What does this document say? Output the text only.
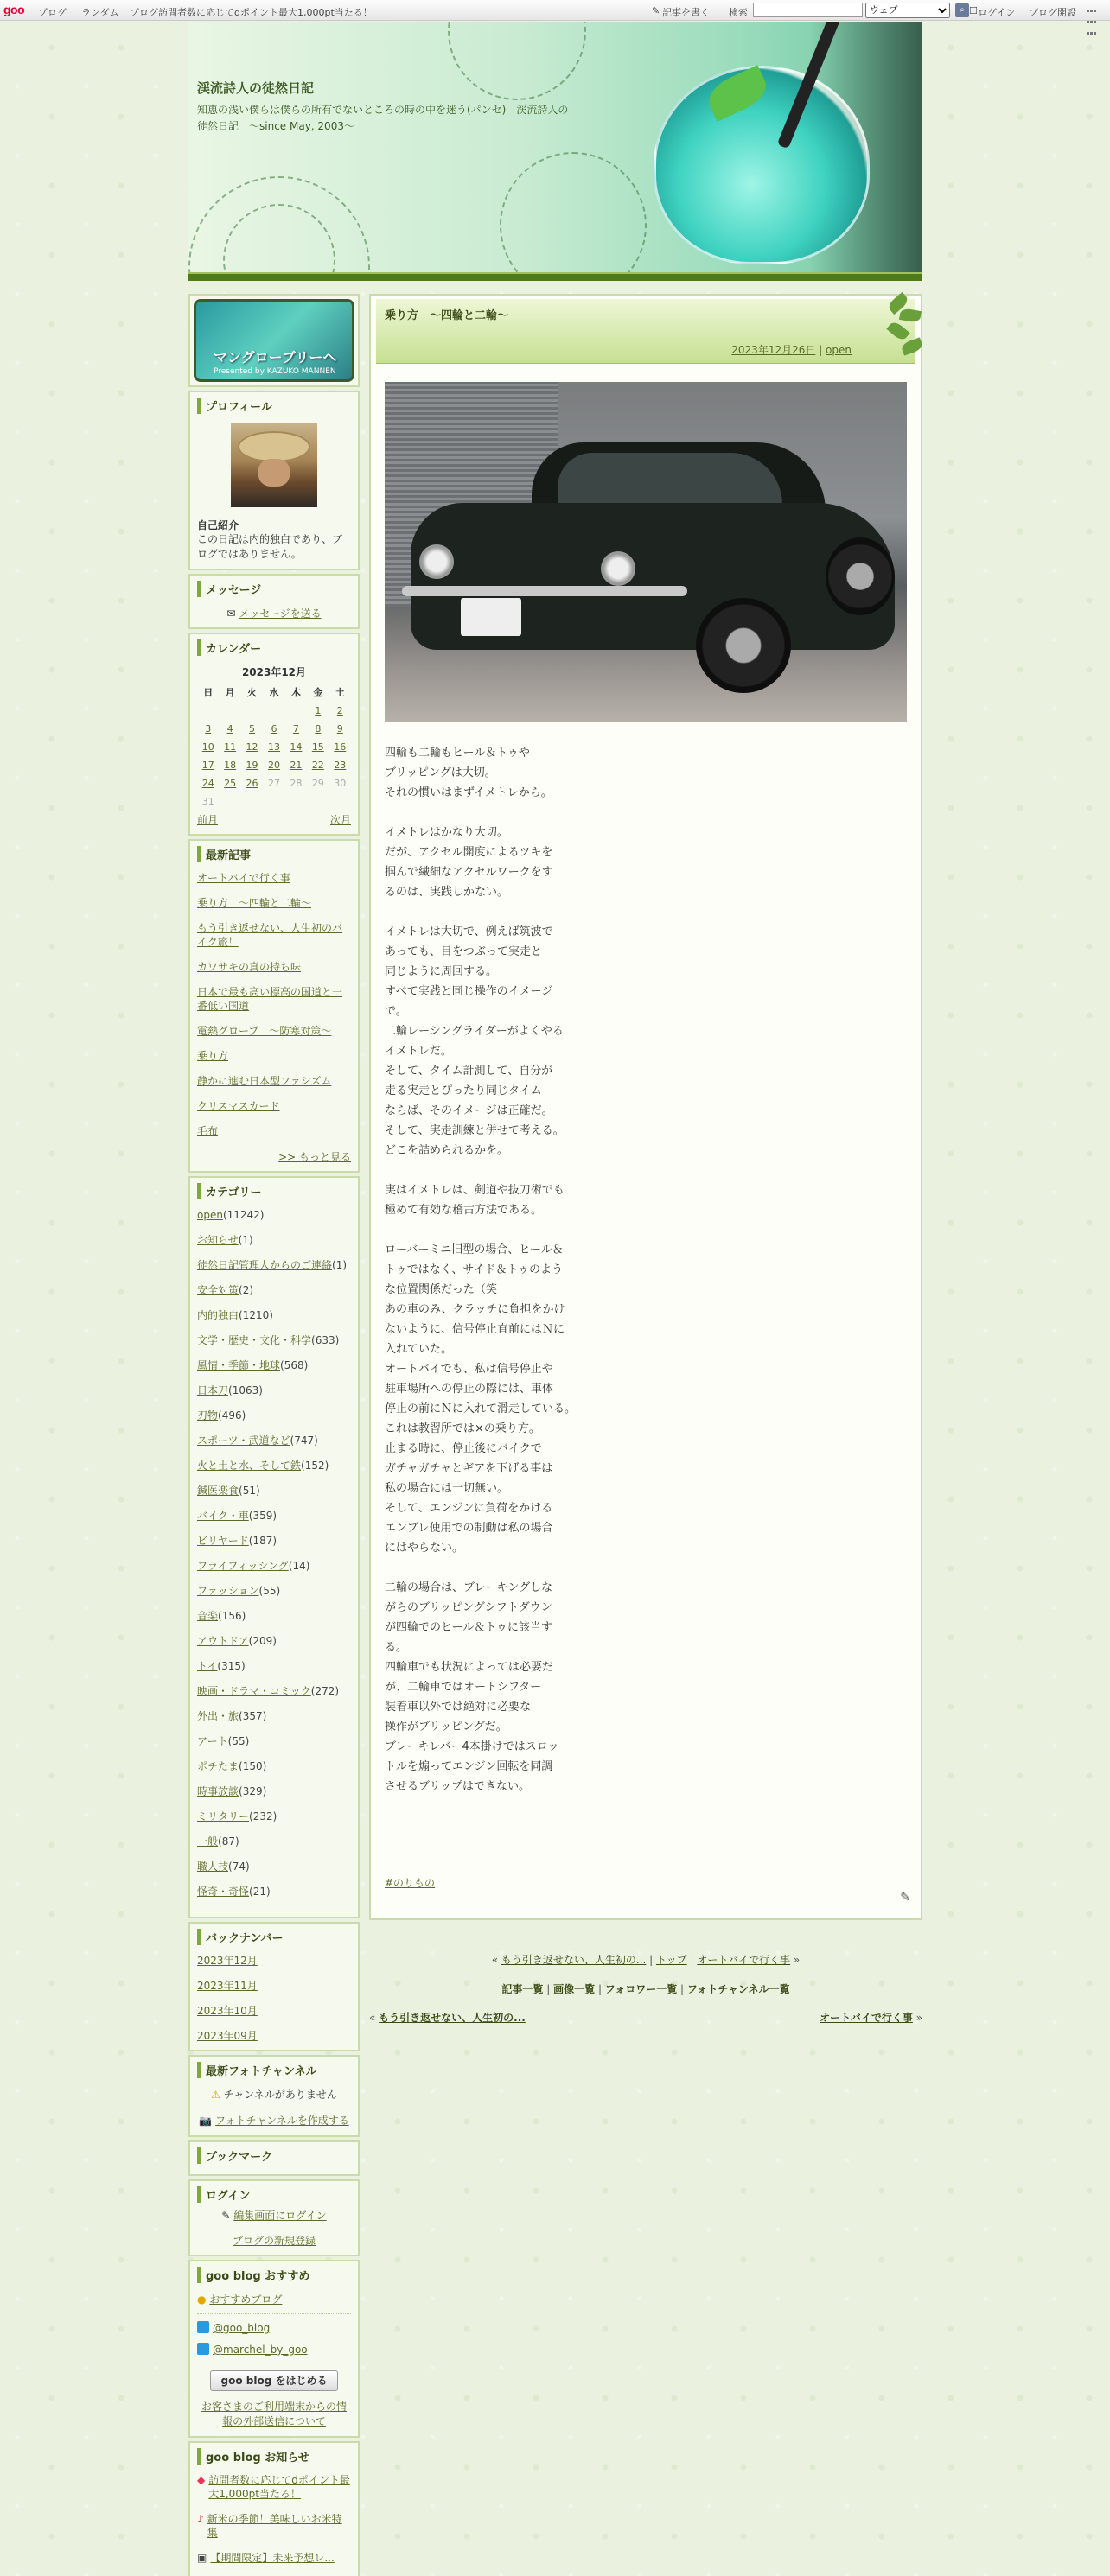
goo ブログ ランダム ブログ訪問者数に応じてdポイント最大1,000pt当たる！	✎ 記事を書く 検索
ウェブ	⌕ ☐ ログイン ブログ開設

渓流詩人の徒然日記
知恵の浅い僕らは僕らの所有でないところの時の中を迷う(パンセ)　渓流詩人の徒然日記　～since May, 2003～
マングローブリーヘ
Presented by KAZUKO MANNEN
プロフィール
自己紹介
この日記は内的独白であり、ブログではありません。
メッセージ
✉ メッセージを送る
カレンダー
2023年12月
日	月	火	水	木	金	土
					1	2
3	4	5	6	7	8	9
10	11	12	13	14	15	16
17	18	19	20	21	22	23
24	25	26	27	28	29	30
31						
前月	次月
最新記事
オートバイで行く事
乗り方　～四輪と二輪～
もう引き返せない、人生初のバイク旅！
カワサキの真の持ち味
日本で最も高い標高の国道と一番低い国道
電熱グローブ　～防寒対策～
乗り方
静かに進む日本型ファシズム
クリスマスカード
毛布
>> もっと見る
カテゴリー
open(11242)
お知らせ(1)
徒然日記管理人からのご連絡(1)
安全対策(2)
内的独白(1210)
文学・歴史・文化・科学(633)
風情・季節・地球(568)
日本刀(1063)
刃物(496)
スポーツ・武道など(747)
火と土と水、そして鉄(152)
鍼医楽食(51)
バイク・車(359)
ビリヤード(187)
フライフィッシング(14)
ファッション(55)
音楽(156)
アウトドア(209)
トイ(315)
映画・ドラマ・コミック(272)
外出・旅(357)
アート(55)
ポチたま(150)
時事放談(329)
ミリタリー(232)
一般(87)
職人技(74)
怪奇・奇怪(21)
バックナンバー
2023年12月
2023年11月
2023年10月
2023年09月
最新フォトチャンネル
⚠ チャンネルがありません
📷 フォトチャンネルを作成する
ブックマーク
ログイン
✎ 編集画面にログイン
ブログの新規登録
goo blog おすすめ
● おすすめブログ
@goo_blog
@marchel_by_goo
goo blog をはじめる
お客さまのご利用端末からの情報の外部送信について
goo blog お知らせ
◆ 訪問者数に応じてdポイント最大1,000pt当たる！
♪ 新米の季節！美味しいお米特集
▣ 【期間限定】未来予想レ...
乗り方　～四輪と二輪～
2023年12月26日 | open
四輪も二輪もヒール＆トゥや
ブリッピングは大切。
それの慣いはまずイメトレから。
イメトレはかなり大切。
だが、アクセル開度によるツキを
掴んで繊細なアクセルワークをす
るのは、実践しかない。
イメトレは大切で、例えば筑波で
あっても、目をつぶって実走と
同じように周回する。
すべて実践と同じ操作のイメージ
で。
二輪レーシングライダーがよくやる
イメトレだ。
そして、タイム計測して、自分が
走る実走とぴったり同じタイム
ならば、そのイメージは正確だ。
そして、実走訓練と併せて考える。
どこを詰められるかを。
実はイメトレは、剣道や抜刀術でも
極めて有効な稽古方法である。
ローバーミニ旧型の場合、ヒール＆
トゥではなく、サイド＆トゥのよう
な位置関係だった（笑
あの車のみ、クラッチに負担をかけ
ないように、信号停止直前にはＮに
入れていた。
オートバイでも、私は信号停止や
駐車場所への停止の際には、車体
停止の前にＮに入れて滑走している。
これは教習所では×の乗り方。
止まる時に、停止後にバイクで
ガチャガチャとギアを下げる事は
私の場合には一切無い。
そして、エンジンに負荷をかける
エンブレ使用での制動は私の場合
にはやらない。
二輪の場合は、ブレーキングしな
がらのブリッピングシフトダウン
が四輪でのヒール＆トゥに該当す
る。
四輪車でも状況によっては必要だ
が、二輪車ではオートシフター
装着車以外では絶対に必要な
操作がブリッピングだ。
ブレーキレバー4本掛けではスロッ
トルを煽ってエンジン回転を同調
させるブリップはできない。
#のりもの
✎
« もう引き返せない、人生初の... | トップ | オートバイで行く事 »
記事一覧 | 画像一覧 | フォロワー一覧 | フォトチャンネル一覧
« もう引き返せない、人生初の...	オートバイで行く事 »
